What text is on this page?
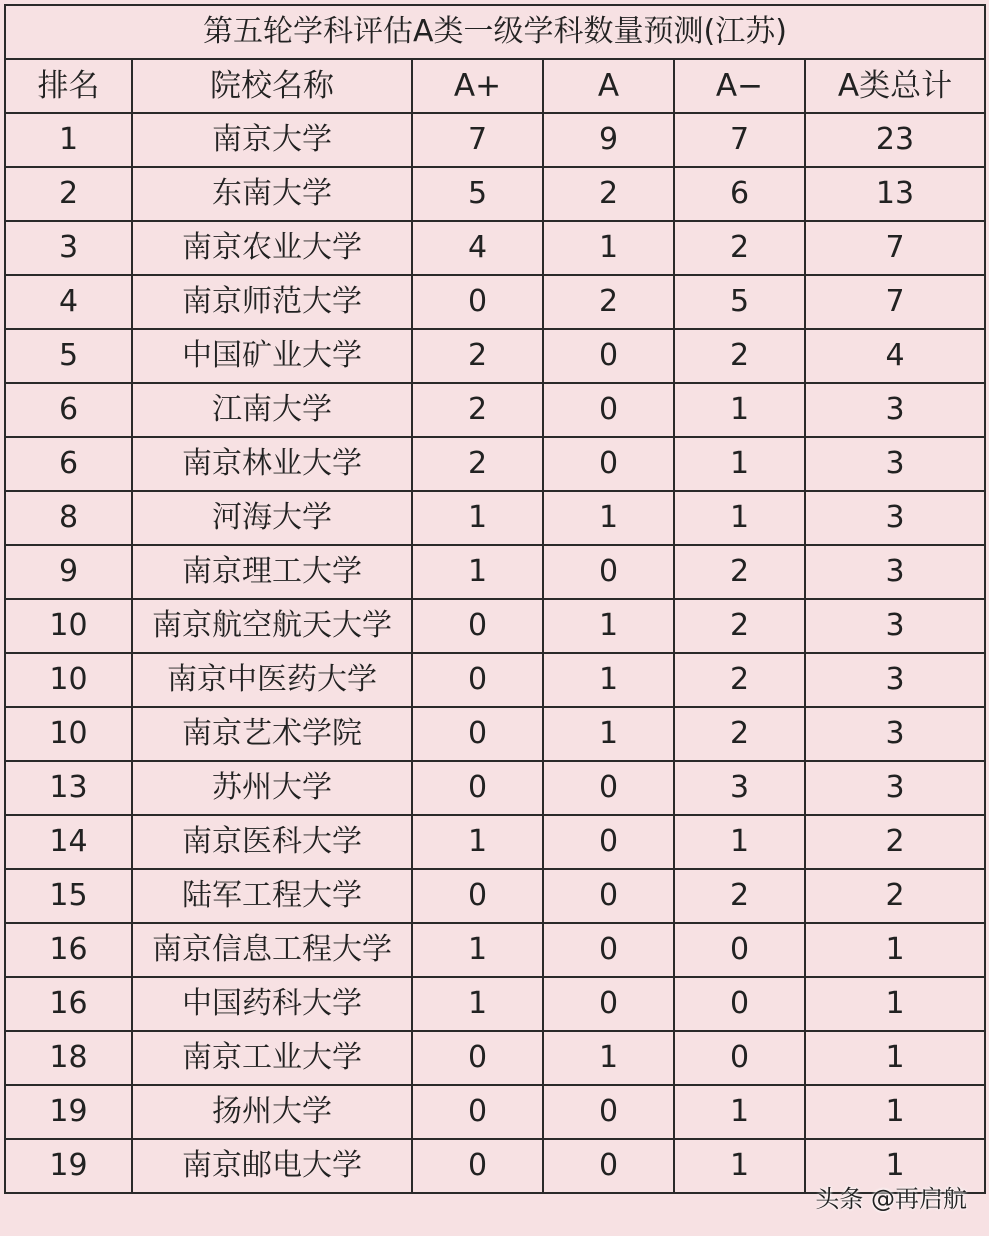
第五轮学科评估A类一级学科数量预测(江苏)					
排名	院校名称	A+	A	A−	A类总计
1	南京大学	7	9	7	23
2	东南大学	5	2	6	13
3	南京农业大学	4	1	2	7
4	南京师范大学	0	2	5	7
5	中国矿业大学	2	0	2	4
6	江南大学	2	0	1	3
6	南京林业大学	2	0	1	3
8	河海大学	1	1	1	3
9	南京理工大学	1	0	2	3
10	南京航空航天大学	0	1	2	3
10	南京中医药大学	0	1	2	3
10	南京艺术学院	0	1	2	3
13	苏州大学	0	0	3	3
14	南京医科大学	1	0	1	2
15	陆军工程大学	0	0	2	2
16	南京信息工程大学	1	0	0	1
16	中国药科大学	1	0	0	1
18	南京工业大学	0	1	0	1
19	扬州大学	0	0	1	1
19	南京邮电大学	0	0	1	1
头条 @再启航
